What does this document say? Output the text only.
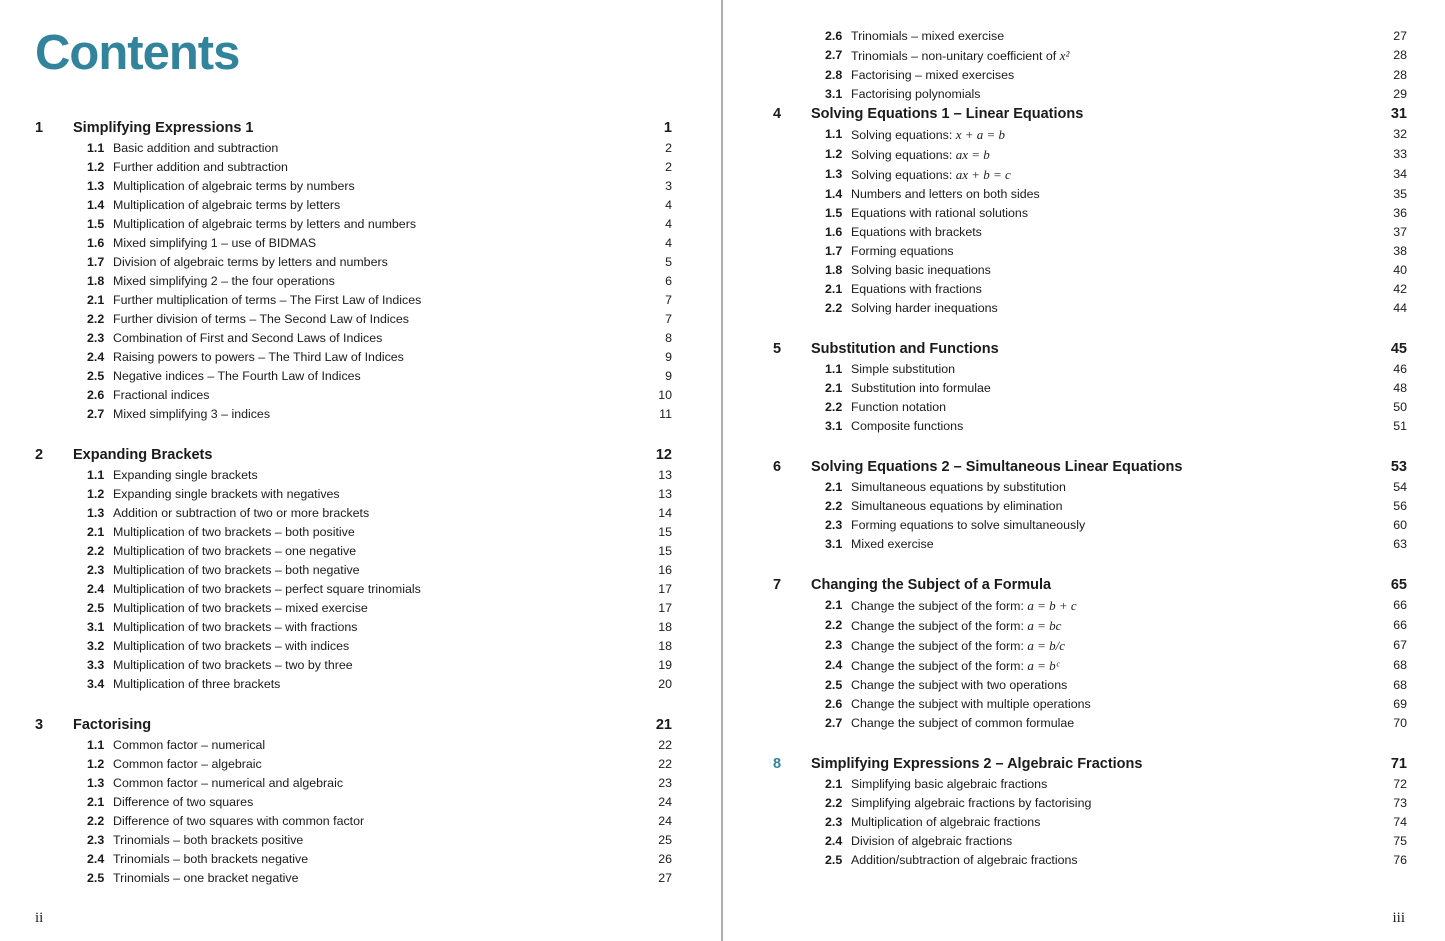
Contents
1	Simplifying Expressions 1	1
1.1 Basic addition and subtraction	2
1.2 Further addition and subtraction	2
1.3 Multiplication of algebraic terms by numbers	3
1.4 Multiplication of algebraic terms by letters	4
1.5 Multiplication of algebraic terms by letters and numbers	4
1.6 Mixed simplifying 1 – use of BIDMAS	4
1.7 Division of algebraic terms by letters and numbers	5
1.8 Mixed simplifying 2 – the four operations	6
2.1 Further multiplication of terms – The First Law of Indices	7
2.2 Further division of terms – The Second Law of Indices	7
2.3 Combination of First and Second Laws of Indices	8
2.4 Raising powers to powers – The Third Law of Indices	9
2.5 Negative indices – The Fourth Law of Indices	9
2.6 Fractional indices	10
2.7 Mixed simplifying 3 – indices	11
2	Expanding Brackets	12
1.1 Expanding single brackets	13
1.2 Expanding single brackets with negatives	13
1.3 Addition or subtraction of two or more brackets	14
2.1 Multiplication of two brackets – both positive	15
2.2 Multiplication of two brackets – one negative	15
2.3 Multiplication of two brackets – both negative	16
2.4 Multiplication of two brackets – perfect square trinomials	17
2.5 Multiplication of two brackets – mixed exercise	17
3.1 Multiplication of two brackets – with fractions	18
3.2 Multiplication of two brackets – with indices	18
3.3 Multiplication of two brackets – two by three	19
3.4 Multiplication of three brackets	20
3	Factorising	21
1.1 Common factor – numerical	22
1.2 Common factor – algebraic	22
1.3 Common factor – numerical and algebraic	23
2.1 Difference of two squares	24
2.2 Difference of two squares with common factor	24
2.3 Trinomials – both brackets positive	25
2.4 Trinomials – both brackets negative	26
2.5 Trinomials – one bracket negative	27
ii
2.6 Trinomials – mixed exercise	27
2.7 Trinomials – non-unitary coefficient of x²	28
2.8 Factorising – mixed exercises	28
3.1 Factorising polynomials	29
4	Solving Equations 1 – Linear Equations	31
1.1 Solving equations: x + a = b	32
1.2 Solving equations: ax = b	33
1.3 Solving equations: ax + b = c	34
1.4 Numbers and letters on both sides	35
1.5 Equations with rational solutions	36
1.6 Equations with brackets	37
1.7 Forming equations	38
1.8 Solving basic inequations	40
2.1 Equations with fractions	42
2.2 Solving harder inequations	44
5	Substitution and Functions	45
1.1 Simple substitution	46
2.1 Substitution into formulae	48
2.2 Function notation	50
3.1 Composite functions	51
6	Solving Equations 2 – Simultaneous Linear Equations	53
2.1 Simultaneous equations by substitution	54
2.2 Simultaneous equations by elimination	56
2.3 Forming equations to solve simultaneously	60
3.1 Mixed exercise	63
7	Changing the Subject of a Formula	65
2.1 Change the subject of the form: a = b + c	66
2.2 Change the subject of the form: a = bc	66
2.3 Change the subject of the form: a = b/c	67
2.4 Change the subject of the form: a = bᶜ	68
2.5 Change the subject with two operations	68
2.6 Change the subject with multiple operations	69
2.7 Change the subject of common formulae	70
8	Simplifying Expressions 2 – Algebraic Fractions	71
2.1 Simplifying basic algebraic fractions	72
2.2 Simplifying algebraic fractions by factorising	73
2.3 Multiplication of algebraic fractions	74
2.4 Division of algebraic fractions	75
2.5 Addition/subtraction of algebraic fractions	76
iii
